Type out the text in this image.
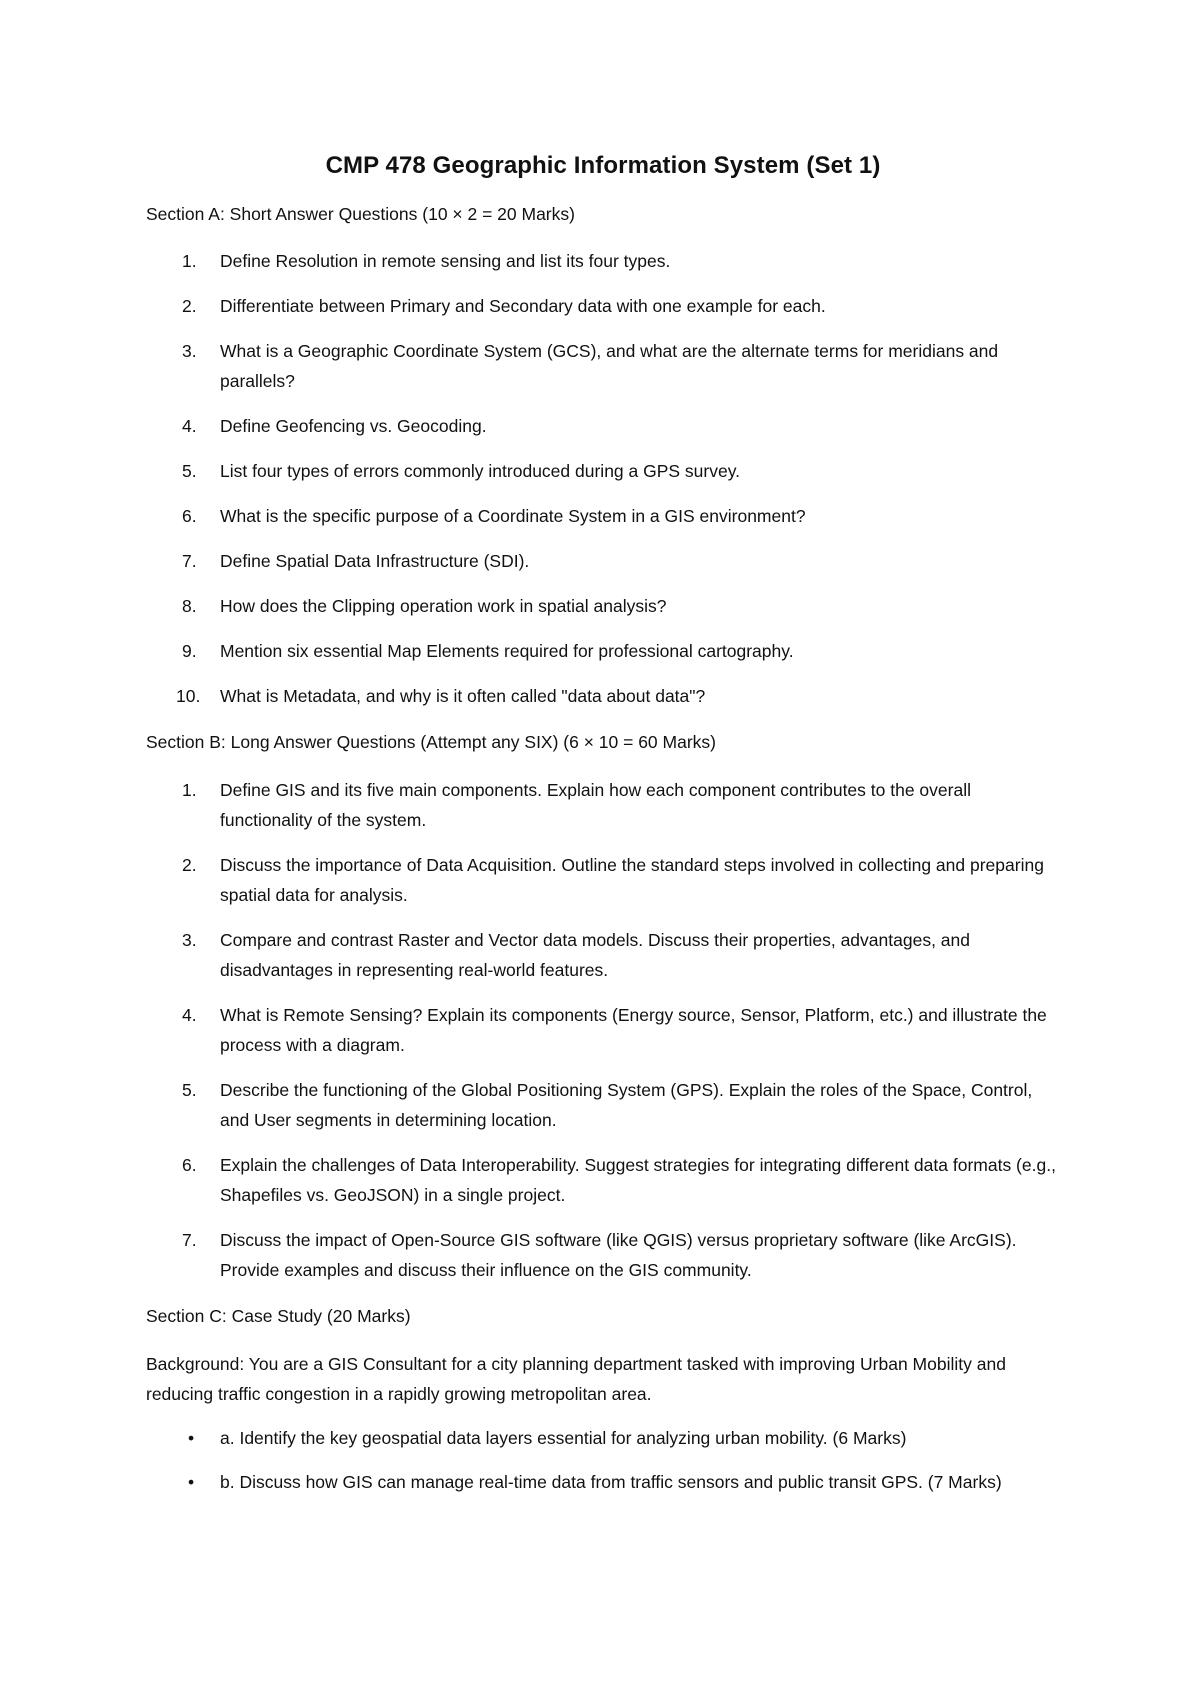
CMP 478 Geographic Information System (Set 1)
Section A: Short Answer Questions (10 × 2 = 20 Marks)
1. Define Resolution in remote sensing and list its four types.
2. Differentiate between Primary and Secondary data with one example for each.
3. What is a Geographic Coordinate System (GCS), and what are the alternate terms for meridians and parallels?
4. Define Geofencing vs. Geocoding.
5. List four types of errors commonly introduced during a GPS survey.
6. What is the specific purpose of a Coordinate System in a GIS environment?
7. Define Spatial Data Infrastructure (SDI).
8. How does the Clipping operation work in spatial analysis?
9. Mention six essential Map Elements required for professional cartography.
10. What is Metadata, and why is it often called "data about data"?
Section B: Long Answer Questions (Attempt any SIX) (6 × 10 = 60 Marks)
1. Define GIS and its five main components. Explain how each component contributes to the overall functionality of the system.
2. Discuss the importance of Data Acquisition. Outline the standard steps involved in collecting and preparing spatial data for analysis.
3. Compare and contrast Raster and Vector data models. Discuss their properties, advantages, and disadvantages in representing real-world features.
4. What is Remote Sensing? Explain its components (Energy source, Sensor, Platform, etc.) and illustrate the process with a diagram.
5. Describe the functioning of the Global Positioning System (GPS). Explain the roles of the Space, Control, and User segments in determining location.
6. Explain the challenges of Data Interoperability. Suggest strategies for integrating different data formats (e.g., Shapefiles vs. GeoJSON) in a single project.
7. Discuss the impact of Open-Source GIS software (like QGIS) versus proprietary software (like ArcGIS). Provide examples and discuss their influence on the GIS community.
Section C: Case Study (20 Marks)
Background: You are a GIS Consultant for a city planning department tasked with improving Urban Mobility and reducing traffic congestion in a rapidly growing metropolitan area.
• a. Identify the key geospatial data layers essential for analyzing urban mobility. (6 Marks)
• b. Discuss how GIS can manage real-time data from traffic sensors and public transit GPS. (7 Marks)
